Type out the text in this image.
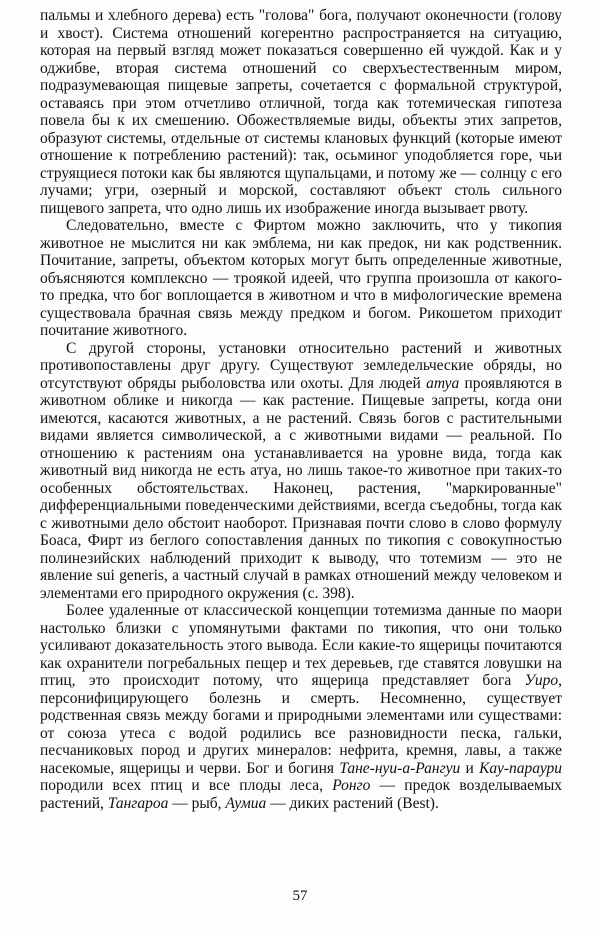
пальмы и хлебного дерева) есть "голова" бога, получают оконечности (голову и хвост). Система отношений когерентно распространяется на ситуацию, которая на первый взгляд может показаться совершенно ей чуждой. Как и у оджибве, вторая система отношений со сверхъестественным миром, подразумевающая пищевые запреты, сочетается с формальной структурой, оставаясь при этом отчетливо отличной, тогда как тотемическая гипотеза повела бы к их смешению. Обожествляемые виды, объекты этих запретов, образуют системы, отдельные от системы клановых функций (которые имеют отношение к потреблению растений): так, осьминог уподобляется горе, чьи струящиеся потоки как бы являются щупальцами, и потому же — солнцу с его лучами; угри, озерный и морской, составляют объект столь сильного пищевого запрета, что одно лишь их изображение иногда вызывает рвоту.

Следовательно, вместе с Фиртом можно заключить, что у тикопия животное не мыслится ни как эмблема, ни как предок, ни как родственник. Почитание, запреты, объектом которых могут быть определенные животные, объясняются комплексно — троякой идеей, что группа произошла от какого-то предка, что бог воплощается в животном и что в мифологические времена существовала брачная связь между предком и богом. Рикошетом приходит почитание животного.

С другой стороны, установки относительно растений и животных противопоставлены друг другу. Существуют земледельческие обряды, но отсутствуют обряды рыболовства или охоты. Для людей атуа проявляются в животном облике и никогда — как растение. Пищевые запреты, когда они имеются, касаются животных, а не растений. Связь богов с растительными видами является символической, а с животными видами — реальной. По отношению к растениям она устанавливается на уровне вида, тогда как животный вид никогда не есть атуа, но лишь такое-то животное при таких-то особенных обстоятельствах. Наконец, растения, "маркированные" дифференциальными поведенческими действиями, всегда съедобны, тогда как с животными дело обстоит наоборот. Признавая почти слово в слово формулу Боаса, Фирт из беглого сопоставления данных по тикопия с совокупностью полинезийских наблюдений приходит к выводу, что тотемизм — это не явление sui generis, а частный случай в рамках отношений между человеком и элементами его природного окружения (с. 398).

Более удаленные от классической концепции тотемизма данные по маори настолько близки с упомянутыми фактами по тикопия, что они только усиливают доказательность этого вывода. Если какие-то ящерицы почитаются как охранители погребальных пещер и тех деревьев, где ставятся ловушки на птиц, это происходит потому, что ящерица представляет бога Уиро, персонифицирующего болезнь и смерть. Несомненно, существует родственная связь между богами и природными элементами или существами: от союза утеса с водой родились все разновидности песка, гальки, песчаниковых пород и других минералов: нефрита, кремня, лавы, а также насекомые, ящерицы и черви. Бог и богиня Тане-нуи-а-Рангуи и Кау-параури породили всех птиц и все плоды леса, Ронго — предок возделываемых растений, Тангароа — рыб, Аумиа — диких растений (Best).

57
